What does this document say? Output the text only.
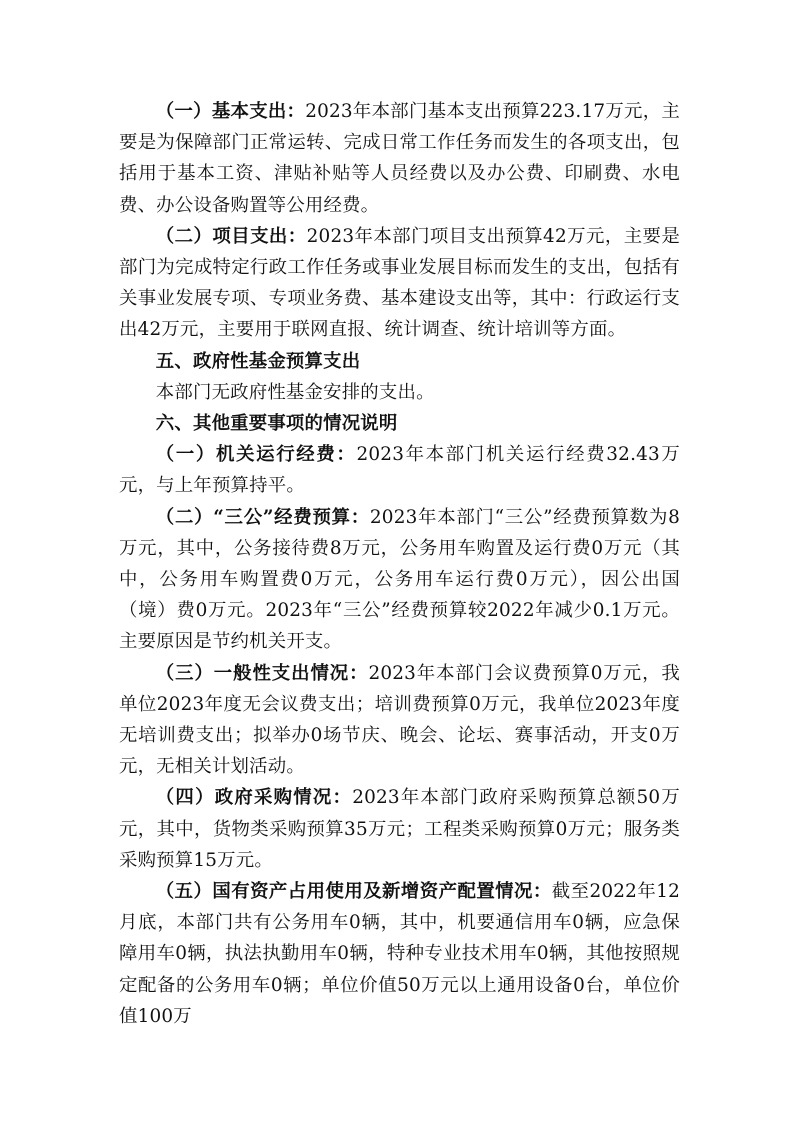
（一）基本支出：2023年本部门基本支出预算223.17万元，主要是为保障部门正常运转、完成日常工作任务而发生的各项支出，包括用于基本工资、津贴补贴等人员经费以及办公费、印刷费、水电费、办公设备购置等公用经费。

（二）项目支出：2023年本部门项目支出预算42万元，主要是部门为完成特定行政工作任务或事业发展目标而发生的支出，包括有关事业发展专项、专项业务费、基本建设支出等，其中：行政运行支出42万元，主要用于联网直报、统计调查、统计培训等方面。

五、政府性基金预算支出

本部门无政府性基金安排的支出。

六、其他重要事项的情况说明

（一）机关运行经费：2023年本部门机关运行经费32.43万元，与上年预算持平。

（二）“三公”经费预算：2023年本部门“三公”经费预算数为8万元，其中，公务接待费8万元，公务用车购置及运行费0万元（其中，公务用车购置费0万元，公务用车运行费0万元），因公出国（境）费0万元。2023年“三公”经费预算较2022年减少0.1万元。主要原因是节约机关开支。

（三）一般性支出情况：2023年本部门会议费预算0万元，我单位2023年度无会议费支出；培训费预算0万元，我单位2023年度无培训费支出；拟举办0场节庆、晚会、论坛、赛事活动，开支0万元，无相关计划活动。

（四）政府采购情况：2023年本部门政府采购预算总额50万元，其中，货物类采购预算35万元；工程类采购预算0万元；服务类采购预算15万元。

（五）国有资产占用使用及新增资产配置情况：截至2022年12月底，本部门共有公务用车0辆，其中，机要通信用车0辆，应急保障用车0辆，执法执勤用车0辆，特种专业技术用车0辆，其他按照规定配备的公务用车0辆；单位价值50万元以上通用设备0台，单位价值100万
